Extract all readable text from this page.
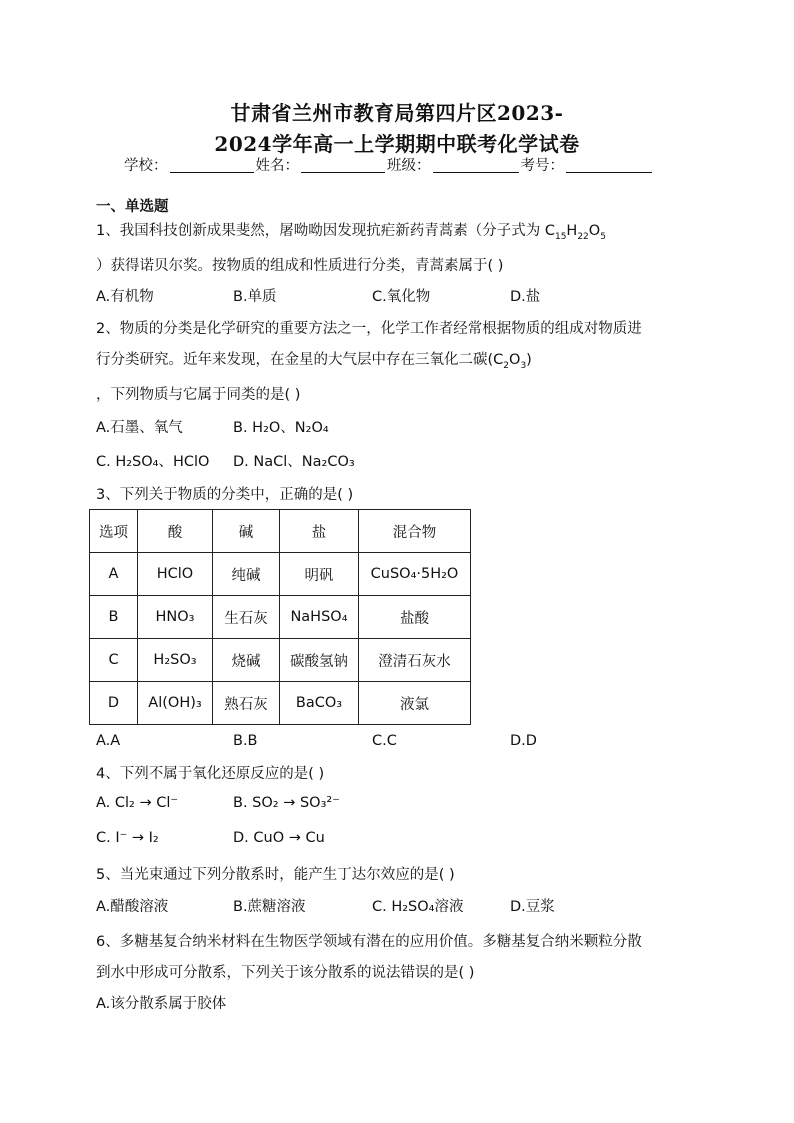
甘肃省兰州市教育局第四片区2023-
2024学年高一上学期期中联考化学试卷
学校：	姓名：	班级：	考号：
一、单选题
1、我国科技创新成果斐然，屠呦呦因发现抗疟新药青蒿素（分子式为 $C_{15}H_{22}O_5$
）获得诺贝尔奖。按物质的组成和性质进行分类，青蒿素属于( )
A.有机物	B.单质	C.氧化物	D.盐
2、物质的分类是化学研究的重要方法之一，化学工作者经常根据物质的组成对物质进
行分类研究。近年来发现，在金星的大气层中存在三氧化二碳$(C_2O_3)$
，下列物质与它属于同类的是( )
A.石墨、氧气	B. H₂O、N₂O₄
C. H₂SO₄、HClO D. NaCl、Na₂CO₃
3、下列关于物质的分类中，正确的是( )
选项	酸	碱	盐	混合物
A	HClO	纯碱	明矾	CuSO₄·5H₂O
B	HNO₃	生石灰	NaHSO₄	盐酸
C	H₂SO₃	烧碱	碳酸氢钠	澄清石灰水
D	Al(OH)₃	熟石灰	BaCO₃	液氯
A.A	B.B	C.C	D.D
4、下列不属于氧化还原反应的是( )
A. Cl₂ → Cl⁻	B. SO₂ → SO₃²⁻
C. I⁻ → I₂	D. CuO → Cu
5、当光束通过下列分散系时，能产生丁达尔效应的是( )
A.醋酸溶液	B.蔗糖溶液	C. H₂SO₄溶液	D.豆浆
6、多糖基复合纳米材料在生物医学领域有潜在的应用价值。多糖基复合纳米颗粒分散
到水中形成可分散系，下列关于该分散系的说法错误的是( )
A.该分散系属于胶体
